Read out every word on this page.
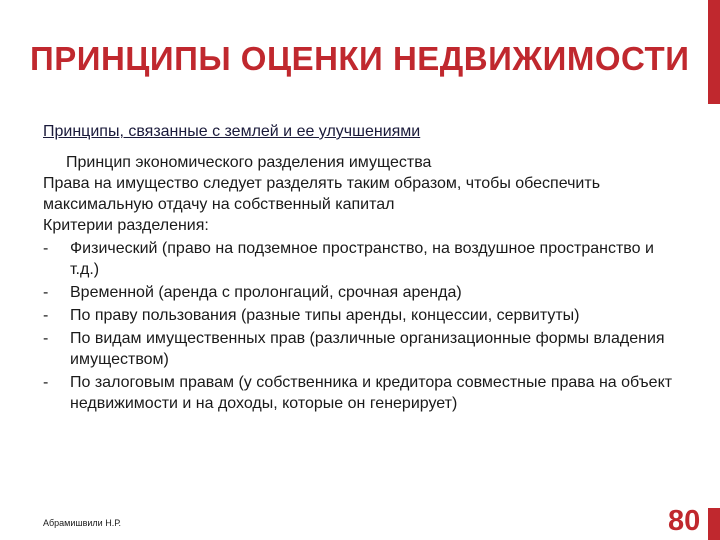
ПРИНЦИПЫ ОЦЕНКИ НЕДВИЖИМОСТИ
Принципы, связанные с землей и ее улучшениями

Принцип экономического разделения имущества

Права на имущество следует разделять таким образом, чтобы обеспечить максимальную отдачу на собственный капитал

Критерии разделения:

- Физический (право на подземное пространство, на воздушное пространство и т.д.)
- Временной (аренда с пролонгаций, срочная аренда)
- По праву пользования (разные типы аренды, концессии, сервитуты)
- По видам имущественных прав (различные организационные формы владения имуществом)
- По залоговым правам (у собственника и кредитора совместные права на объект недвижимости и на доходы, которые он генерирует)
Абрамишвили Н.Р.	80
